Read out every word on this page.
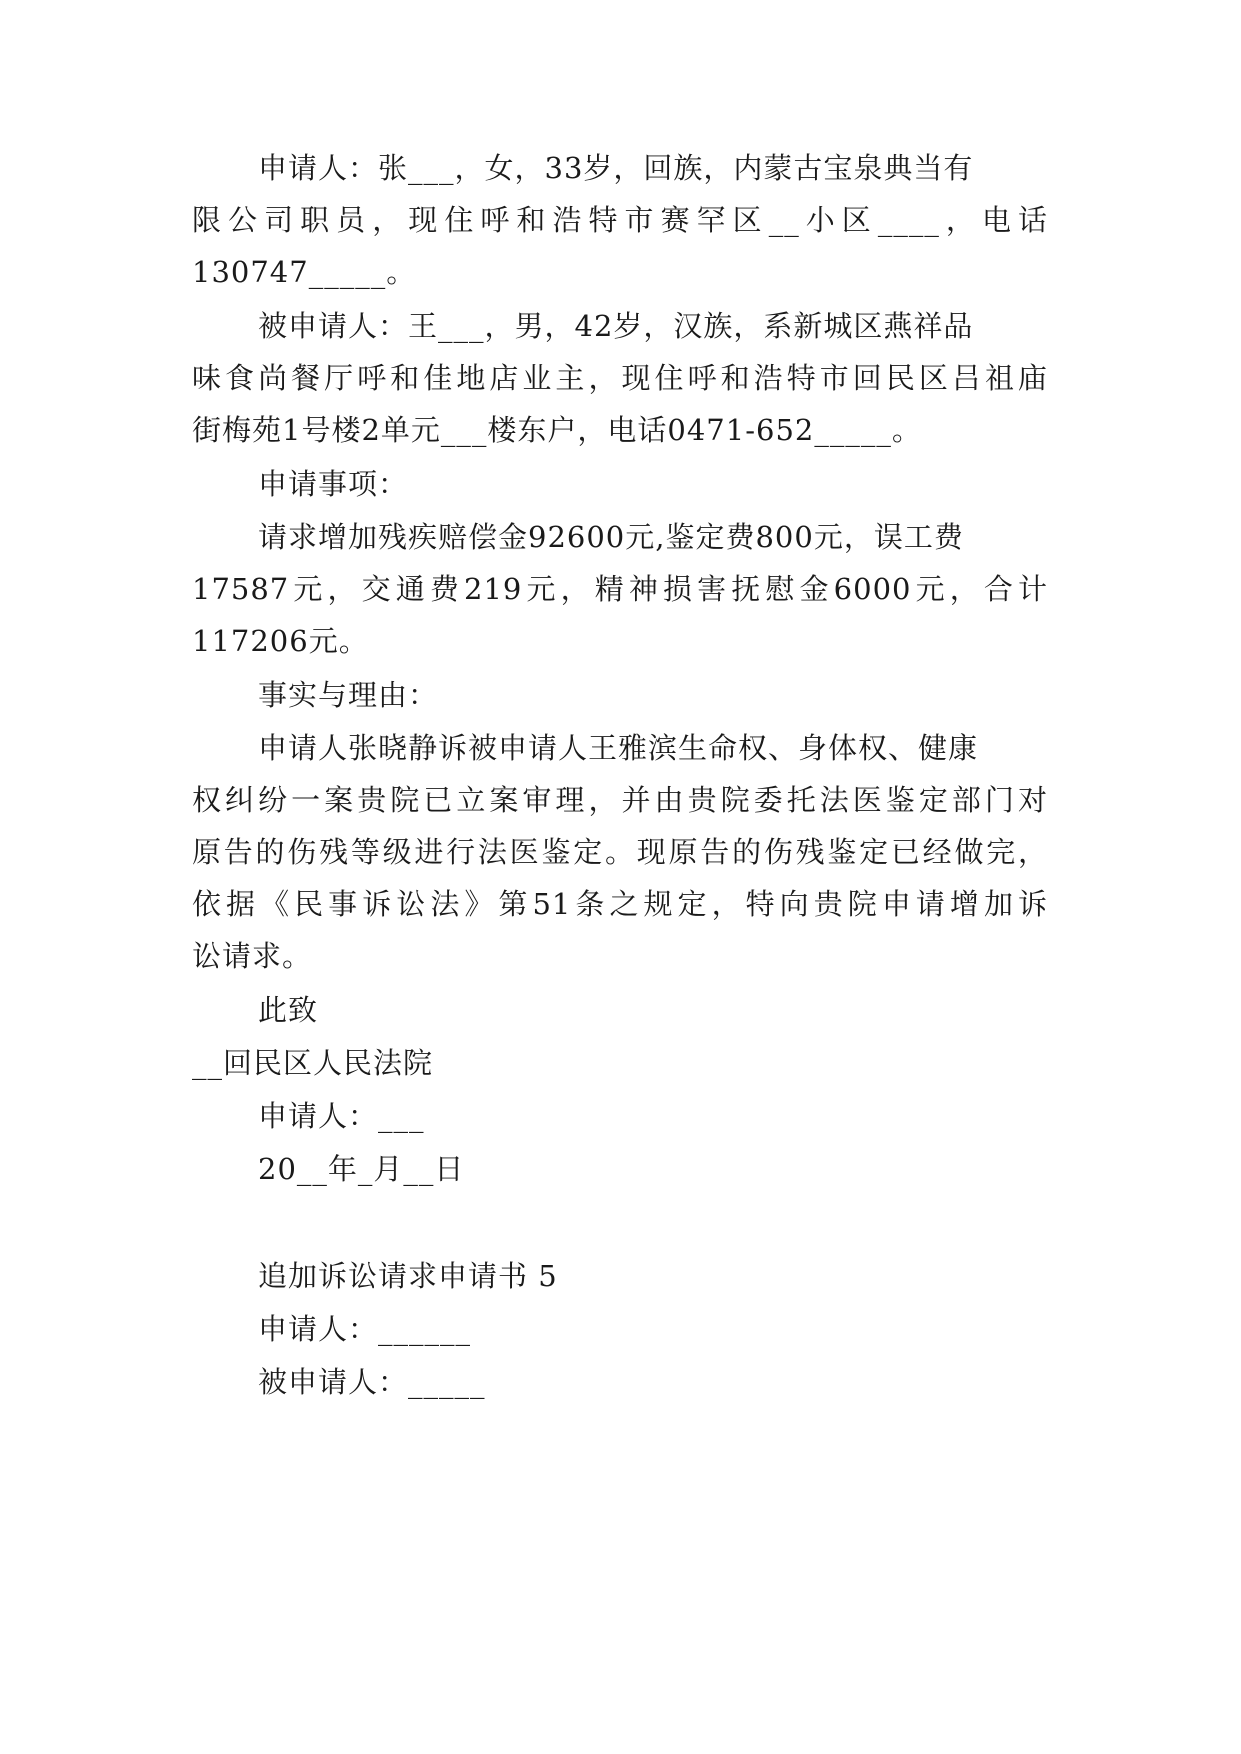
申请人：张___，女，33岁，回族，内蒙古宝泉典当有
限公司职员，现住呼和浩特市赛罕区__小区____，电话
130747_____。
被申请人：王___，男，42岁，汉族，系新城区燕祥品
味食尚餐厅呼和佳地店业主，现住呼和浩特市回民区吕祖庙
街梅苑1号楼2单元___楼东户，电话0471-652_____。
申请事项：
请求增加残疾赔偿金92600元,鉴定费800元，误工费
17587元，交通费219元，精神损害抚慰金6000元，合计
117206元。
事实与理由：
申请人张晓静诉被申请人王雅滨生命权、身体权、健康
权纠纷一案贵院已立案审理，并由贵院委托法医鉴定部门对
原告的伤残等级进行法医鉴定。现原告的伤残鉴定已经做完，
依据《民事诉讼法》第51条之规定，特向贵院申请增加诉
讼请求。
此致
__回民区人民法院
申请人：___
20__年_月__日
追加诉讼请求申请书 5
申请人：______
被申请人：_____
